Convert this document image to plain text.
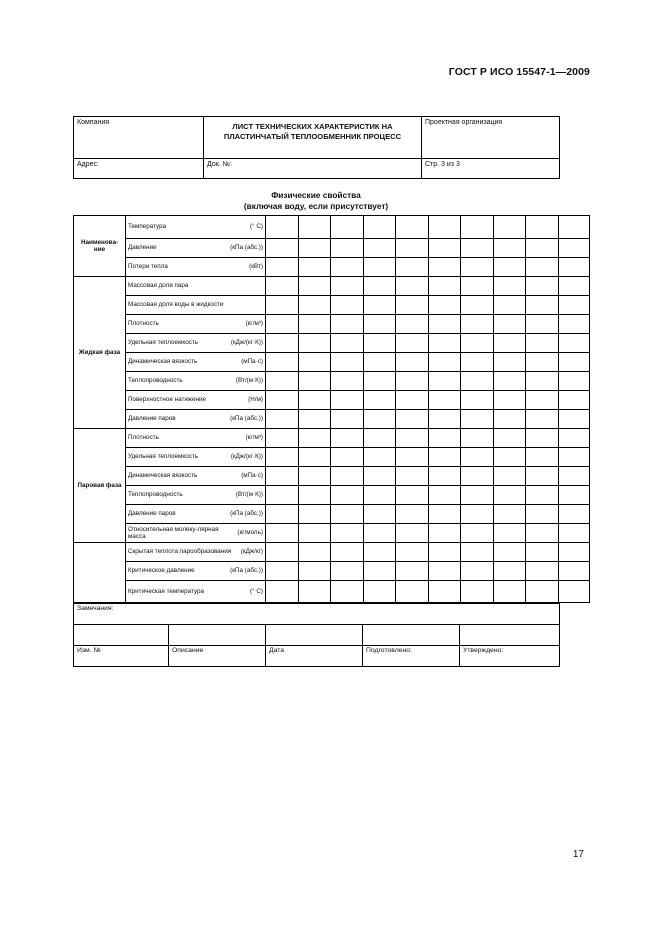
ГОСТ Р ИСО 15547-1—2009
Компания	ЛИСТ ТЕХНИЧЕСКИХ ХАРАКТЕРИСТИК НА ПЛАСТИНЧАТЫЙ ТЕПЛООБМЕННИК ПРОЦЕСС	Проектная организация
Адрес:	Док. №:	Стр. 3 из 3
Физические свойства
(включая воду, если присутствует)
Наименова-ние	Температура (° С)										

	Давление (кПа (абс.))										

	Потери тепла (кВт)										

Жидкая фаза	Массовая доля пара										

	Массовая доля воды в жидкости										

	Плотность (кг/м³)										

	Удельная теплоемкость (кДж/(кг·К))										

	Динамическая вязкость (мПа·с)										

	Теплопроводность (Вт/(м·К))										

	Поверхностное натяжение (Н/м)										

	Давление паров (кПа (абс.))										

Паровая фаза	Плотность (кг/м³)										

	Удельная теплоемкость (кДж/(кг·К))										

	Динамическая вязкость (мПа·с)										

	Теплопроводность (Вт/(м·К))										

	Давление паров (кПа (абс.))										

	Относительная молеку-лярная масса
(кг/моль)										

	Скрытая теплота парообразования (кДж/кг)										

	Критическое давление (кПа (абс.))										

	Критическая температура (° С)										

Замечания:				

Изм. №	Описание	Дата	Подготовлено:	Утверждено:
17
